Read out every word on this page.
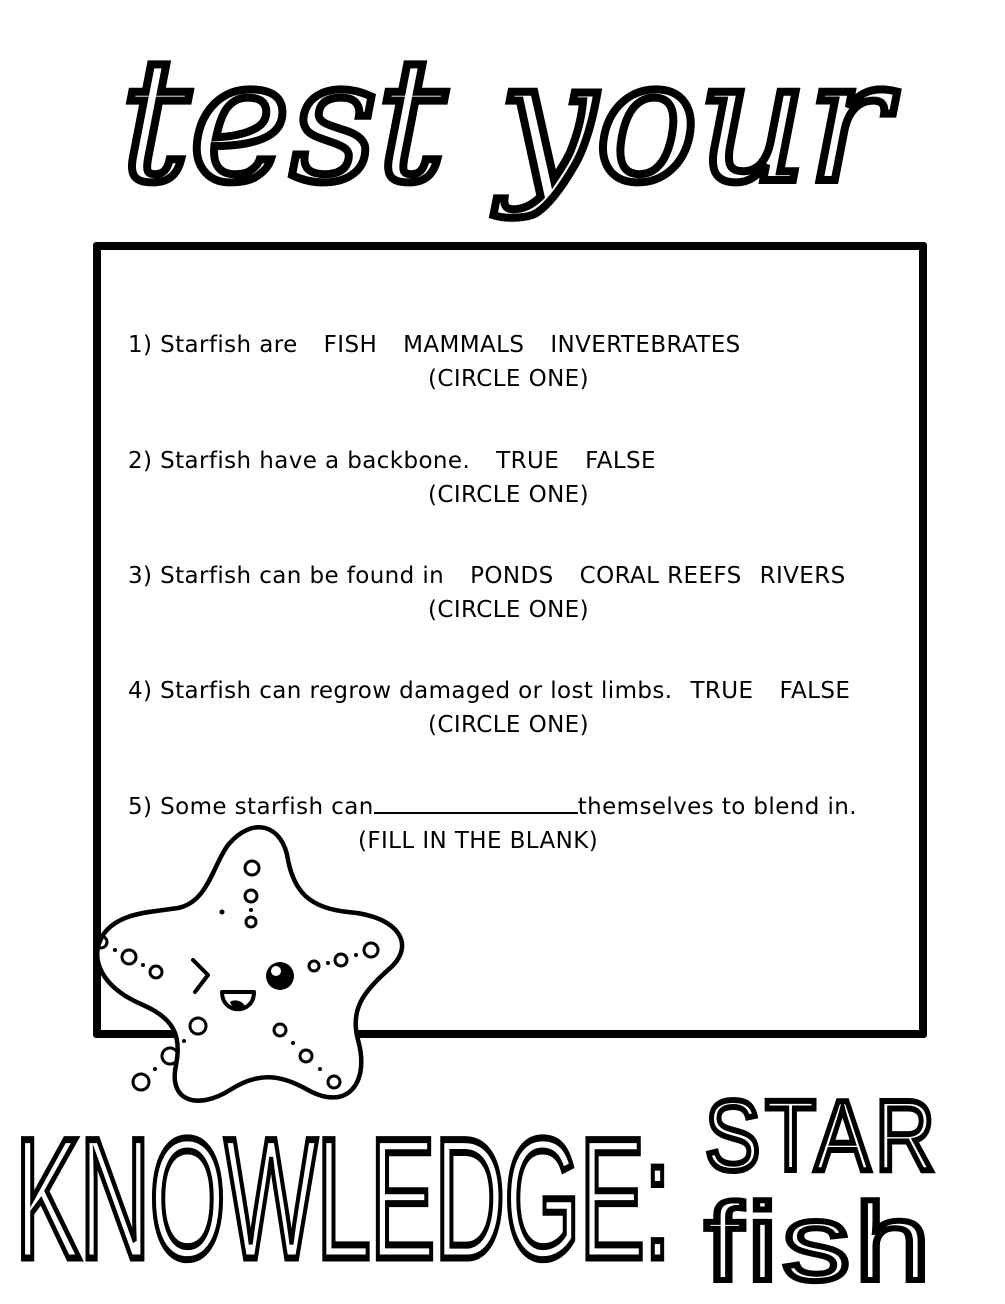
test your
1) Starfish are FISH MAMMALS INVERTEBRATES
(CIRCLE ONE)
2) Starfish have a backbone. TRUE FALSE
(CIRCLE ONE)
3) Starfish can be found in PONDS CORAL REEFS RIVERS
(CIRCLE ONE)
4) Starfish can regrow damaged or lost limbs. TRUE FALSE
(CIRCLE ONE)
5) Some starfish can	themselves to blend in.
(FILL IN THE BLANK)
KNOWLEDGE: STAR
fish
